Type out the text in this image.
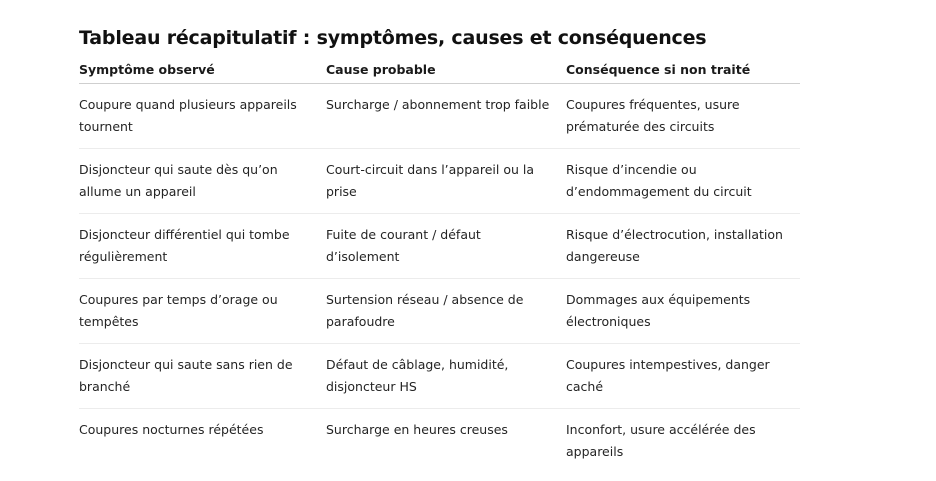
Tableau récapitulatif : symptômes, causes et conséquences
Symptôme observé	Cause probable	Conséquence si non traité
Coupure quand plusieurs appareils tournent	Surcharge / abonnement trop faible	Coupures fréquentes, usure prématurée des circuits
Disjoncteur qui saute dès qu’on allume un appareil	Court-circuit dans l’appareil ou la prise	Risque d’incendie ou d’endommagement du circuit
Disjoncteur différentiel qui tombe régulièrement	Fuite de courant / défaut d’isolement	Risque d’électrocution, installation dangereuse
Coupures par temps d’orage ou tempêtes	Surtension réseau / absence de parafoudre	Dommages aux équipements électroniques
Disjoncteur qui saute sans rien de branché	Défaut de câblage, humidité, disjoncteur HS	Coupures intempestives, danger caché
Coupures nocturnes répétées	Surcharge en heures creuses	Inconfort, usure accélérée des appareils
